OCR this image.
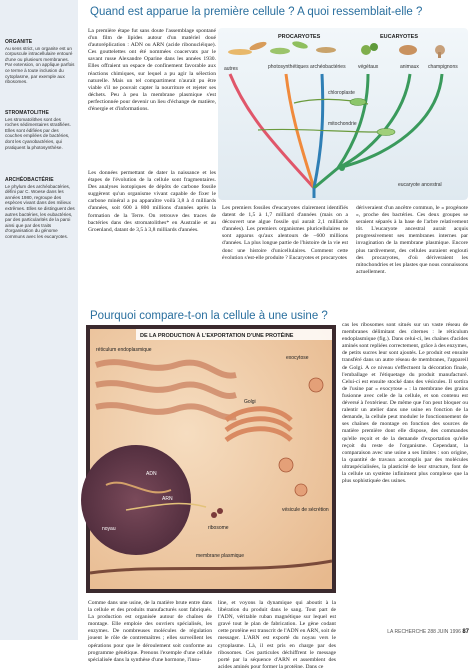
ORGANITE
Au sens strict, un organite est un corpuscule intracellulaire entouré d'une ou plusieurs membranes. Par extension, on applique parfois ce terme à toute inclusion du cytoplasme, par exemple aux ribosomes.
STROMATOLITHE
Les stromatolithes sont des roches sédimentaires stratifiées. Elles sont édifiées par des couches empilées de bactéries, dont les cyanobactéries, qui pratiquent la photosynthèse.
ARCHÉOBACTÉRIE
Le phylum des archéobactéries, défini par C. Woese dans les années 1980, regroupe des espèces vivant dans des milieux extrêmes. Elles se distinguent des autres bactéries, les eubactéries, par des particularités de la paroi ainsi que par des traits d'organisation du génome communs avec les eucaryotes.
Quand est apparue la première cellule ? A quoi ressemblait-elle ?
La première étape fut sans doute l'assemblage spontané d'un film de lipides autour d'un matériel doué d'autoréplication : ADN ou ARN (acide ribonucléique). Ces gouttelettes ont été nommées coacervats par le savant russe Alexandre Oparine dans les années 1930. Elles offraient un espace de confinement favorable aux réactions chimiques, sur lequel a pu agir la sélection naturelle. Mais un tel compartiment n'aurait pu être viable s'il ne pouvait capter la nourriture et rejeter ses déchets. Peu à peu la membrane plasmique s'est perfectionnée pour devenir un lieu d'échange de matière, d'énergie et d'informations.
Les premiers fossiles d'eucaryotes clairement identifiés datent de 1,5 à 1,7 milliard d'années (mais on a découvert une algue fossile qui aurait 2,1 milliards d'années). Les premiers organismes pluricellulaires ne sont apparus qu'aux alentours de −600 millions d'années. La plus longue partie de l'histoire de la vie est donc une histoire d'unicellulaires. Comment cette évolution s'est-elle produite ? Eucaryotes et procaryotes
dériveraient d'un ancêtre commun, le « progénote », proche des bactéries. Ces deux groupes se seraient séparés à la base de l'arbre relativement tôt. L'eucaryote ancestral aurait acquis progressivement ses membranes internes par invagination de la membrane plasmique. Encore plus tardivement, des cellules auraient englouti des procaryotes, d'où dériveraient les mitochondries et les plastes que nous connaissons actuellement.
Les données permettant de dater la naissance et les étapes de l'évolution de la cellule sont fragmentaires. Des analyses isotopiques de dépôts de carbone fossile suggèrent qu'un organisme vivant capable de fixer le carbone minéral a pu apparaître voilà 3,8 à 4 milliards d'années, soit 600 à 800 millions d'années après la formation de la Terre. On retrouve des traces de bactéries dans des stromatolithes* en Australie et au Groenland, datant de 3,5 à 3,8 milliards d'années.
PROCARYOTES	EUCARYOTES
autres	photosynthétiques archéobactéries végétaux	animaux champignons
chloroplaste
mitochondrie
eucaryote ancestral
Pourquoi compare-t-on la cellule à une usine ?
DE LA PRODUCTION À L'EXPORTATION D'UNE PROTÉINE
réticulum endoplasmique
exocytose
Golgi
ADN
ARN
noyau	ribosome
vésicule de sécrétion
membrane plasmique
cas les ribosomes sont situés sur un vaste réseau de membranes délimitant des citernes : le réticulum endoplasmique (fig.). Dans celui-ci, les chaînes d'acides aminés sont repliées correctement, grâce à des enzymes, de petits sucres leur sont ajoutés. Le produit est ensuite transféré dans un autre réseau de membranes, l'appareil de Golgi. A ce niveau s'effectuent la décoration finale, l'emballage et l'étiquetage du produit manufacturé. Celui-ci est ensuite stocké dans des vésicules. Il sortira de l'usine par « exocytose » : la membrane des grains fusionne avec celle de la cellule, et son contenu est déversé à l'extérieur. De même que l'on peut bloquer ou ralentir un atelier dans une usine en fonction de la demande, la cellule peut moduler le fonctionnement de ses chaînes de montage en fonction des sources de matière première dont elle dispose, des commandes qu'elle reçoit et de la demande d'exportation qu'elle reçoit du reste de l'organisme. Cependant, la comparaison avec une usine a ses limites : son origine, la quantité de travaux accomplis par des molécules ultraspécialisées, la plasticité de leur structure, font de la cellule un système infiniment plus complexe que la plus sophistiquée des usines.
Comme dans une usine, de la matière brute entre dans la cellule et des produits manufacturés sont fabriqués. La production est organisée autour de chaînes de montage. Elle emploie des ouvriers spécialisés, les enzymes. De nombreuses molécules de régulation jouent le rôle de contremaîtres ; elles surveillent les opérations pour que le déroulement soit conforme au programme génétique. Prenons l'exemple d'une cellule spécialisée dans la synthèse d'une hormone, l'insu-
line, et voyons la dynamique qui aboutit à la libération du produit dans le sang. Tout part de l'ADN, véritable ruban magnétique sur lequel est gravé tout le plan de fabrication. Le gène codant cette protéine est transcrit de l'ADN en ARN, soit de messager. L'ARN est exporté du noyau vers le cytoplasme. Là, il est pris en charge par des ribosomes. Ces particules déchiffrent le message porté par la séquence d'ARN et assemblent des acides aminés pour former la protéine. Dans ce
LA RECHERCHE 288 JUIN 1996 87
